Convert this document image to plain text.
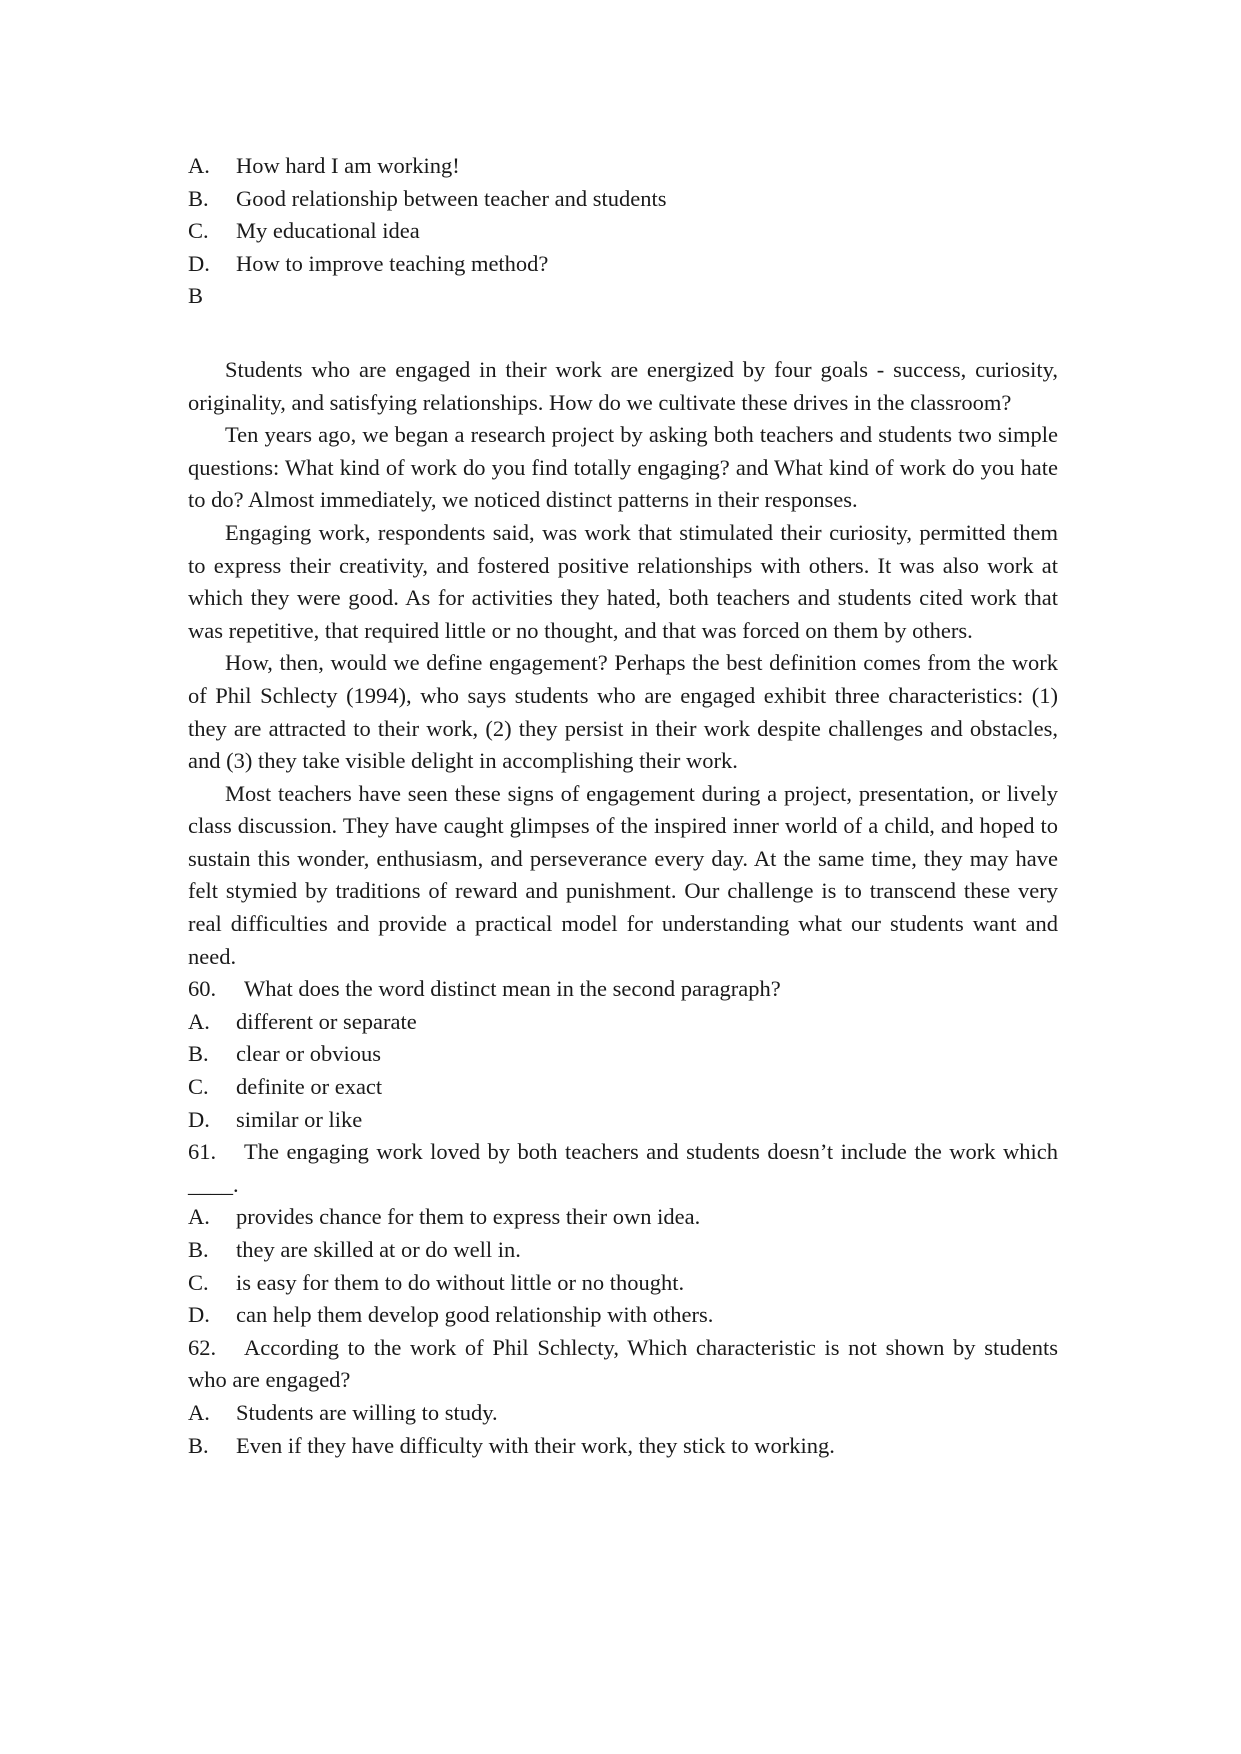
A.	How hard I am working!
B.	Good relationship between teacher and students
C.	My educational idea
D.	How to improve teaching method?
B

Students who are engaged in their work are energized by four goals - success, curiosity, originality, and satisfying relationships. How do we cultivate these drives in the classroom?

Ten years ago, we began a research project by asking both teachers and students two simple questions: What kind of work do you find totally engaging? and What kind of work do you hate to do? Almost immediately, we noticed distinct patterns in their responses.

Engaging work, respondents said, was work that stimulated their curiosity, permitted them to express their creativity, and fostered positive relationships with others. It was also work at which they were good. As for activities they hated, both teachers and students cited work that was repetitive, that required little or no thought, and that was forced on them by others.

How, then, would we define engagement? Perhaps the best definition comes from the work of Phil Schlecty (1994), who says students who are engaged exhibit three characteristics: (1) they are attracted to their work, (2) they persist in their work despite challenges and obstacles, and (3) they take visible delight in accomplishing their work.

Most teachers have seen these signs of engagement during a project, presentation, or lively class discussion. They have caught glimpses of the inspired inner world of a child, and hoped to sustain this wonder, enthusiasm, and perseverance every day. At the same time, they may have felt stymied by traditions of reward and punishment. Our challenge is to transcend these very real difficulties and provide a practical model for understanding what our students want and need.

60. What does the word distinct mean in the second paragraph?

A.	different or separate
B.	clear or obvious
C.	definite or exact
D.	similar or like

61. The engaging work loved by both teachers and students doesn’t include the work which ____.

A.	provides chance for them to express their own idea.
B.	they are skilled at or do well in.
C.	is easy for them to do without little or no thought.
D.	can help them develop good relationship with others.

62. According to the work of Phil Schlecty, Which characteristic is not shown by students who are engaged?

A.	Students are willing to study.
B.	Even if they have difficulty with their work, they stick to working.
